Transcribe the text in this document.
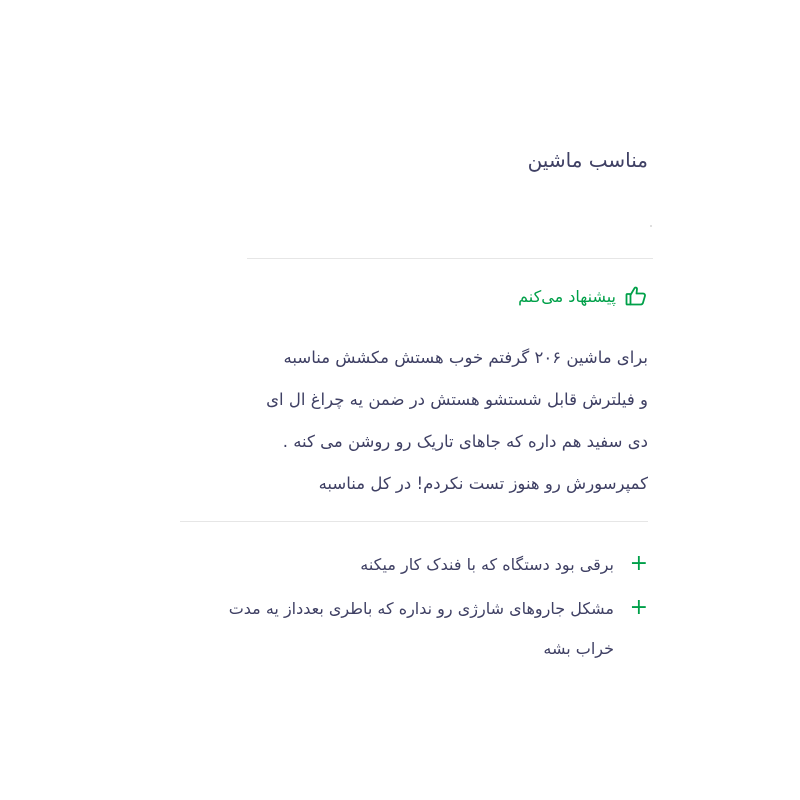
مناسب ماشین
پیشنهاد می‌کنم
برای ماشین ۲۰۶ گرفتم خوب هستش مکشش مناسبه
و فیلترش قابل شستشو هستش در ضمن یه چراغ ال ای
دی سفید هم داره که جاهای تاریک رو روشن می کنه .
کمپرسورش رو هنوز تست نکردم! در کل مناسبه
+
برقی بود دستگاه که با فندک کار میکنه
+
مشکل جاروهای شارژی رو نداره که باطری بعدداز یه مدت
خراب بشه
